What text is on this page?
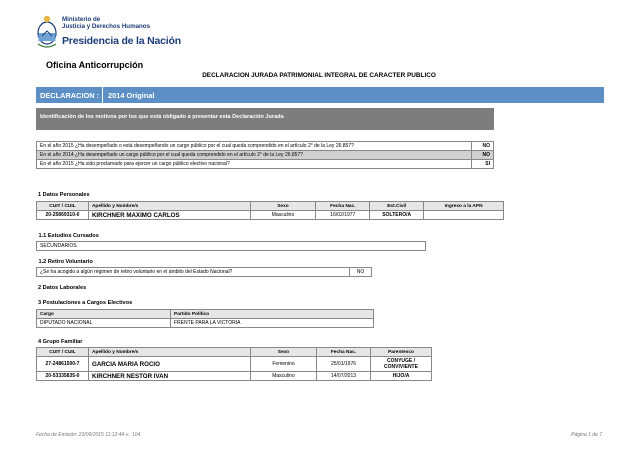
Ministerio de
Justicia y Derechos Humanos
Presidencia de la Nación
Oficina Anticorrupción
DECLARACION JURADA PATRIMONIAL INTEGRAL DE CARACTER PUBLICO
DECLARACION : 2014 Original
Identificación de los motivos por los que está obligado a presentar esta Declaración Jurada

En el año 2015 ¿Ha desempeñado o está desempeñando un cargo público por el cual queda comprendido en el artículo 2° de la Ley 26.857?	NO
En el año 2014 ¿Ha desempeñado un cargo público por el cual queda comprendido en el artículo 2° de la Ley 26.857?	NO
En el año 2015 ¿Ha sido proclamado para ejercer un cargo público electivo nacional?	SI
1 Datos Personales
CUIT / CUIL	Apellido y Nombre/s	Sexo	Fecha Nac.	Est.Civil	Ingreso a la APN
20-25869310-0	KIRCHNER MAXIMO CARLOS	Masculino	16/02/1977	SOLTERO/A	
1.1 Estudios Cursados
SECUNDARIOS
1.2 Retiro Voluntario
¿Se ha acogido a algún régimen de retiro voluntario en el ámbito del Estado Nacional?	NO
2 Datos Laborales
3 Postulaciones a Cargos Electivos
Cargo	Partido Político
DIPUTADO NACIONAL	FRENTE PARA LA VICTORIA
4 Grupo Familiar
CUIT / CUIL	Apellido y Nombre/s	Sexo	Fecha Nac.	Parentesco
27-24861500-7	GARCIA MARIA ROCIO	Femenino	25/01/1976	CONYUGE / CONVIVIENTE
20-53335835-0	KIRCHNER NESTOR IVAN	Masculino	14/07/2013	HIJO/A
Fecha de Emisión: 23/09/2015 11:12:44 v.: 104	Página 1 de 7
